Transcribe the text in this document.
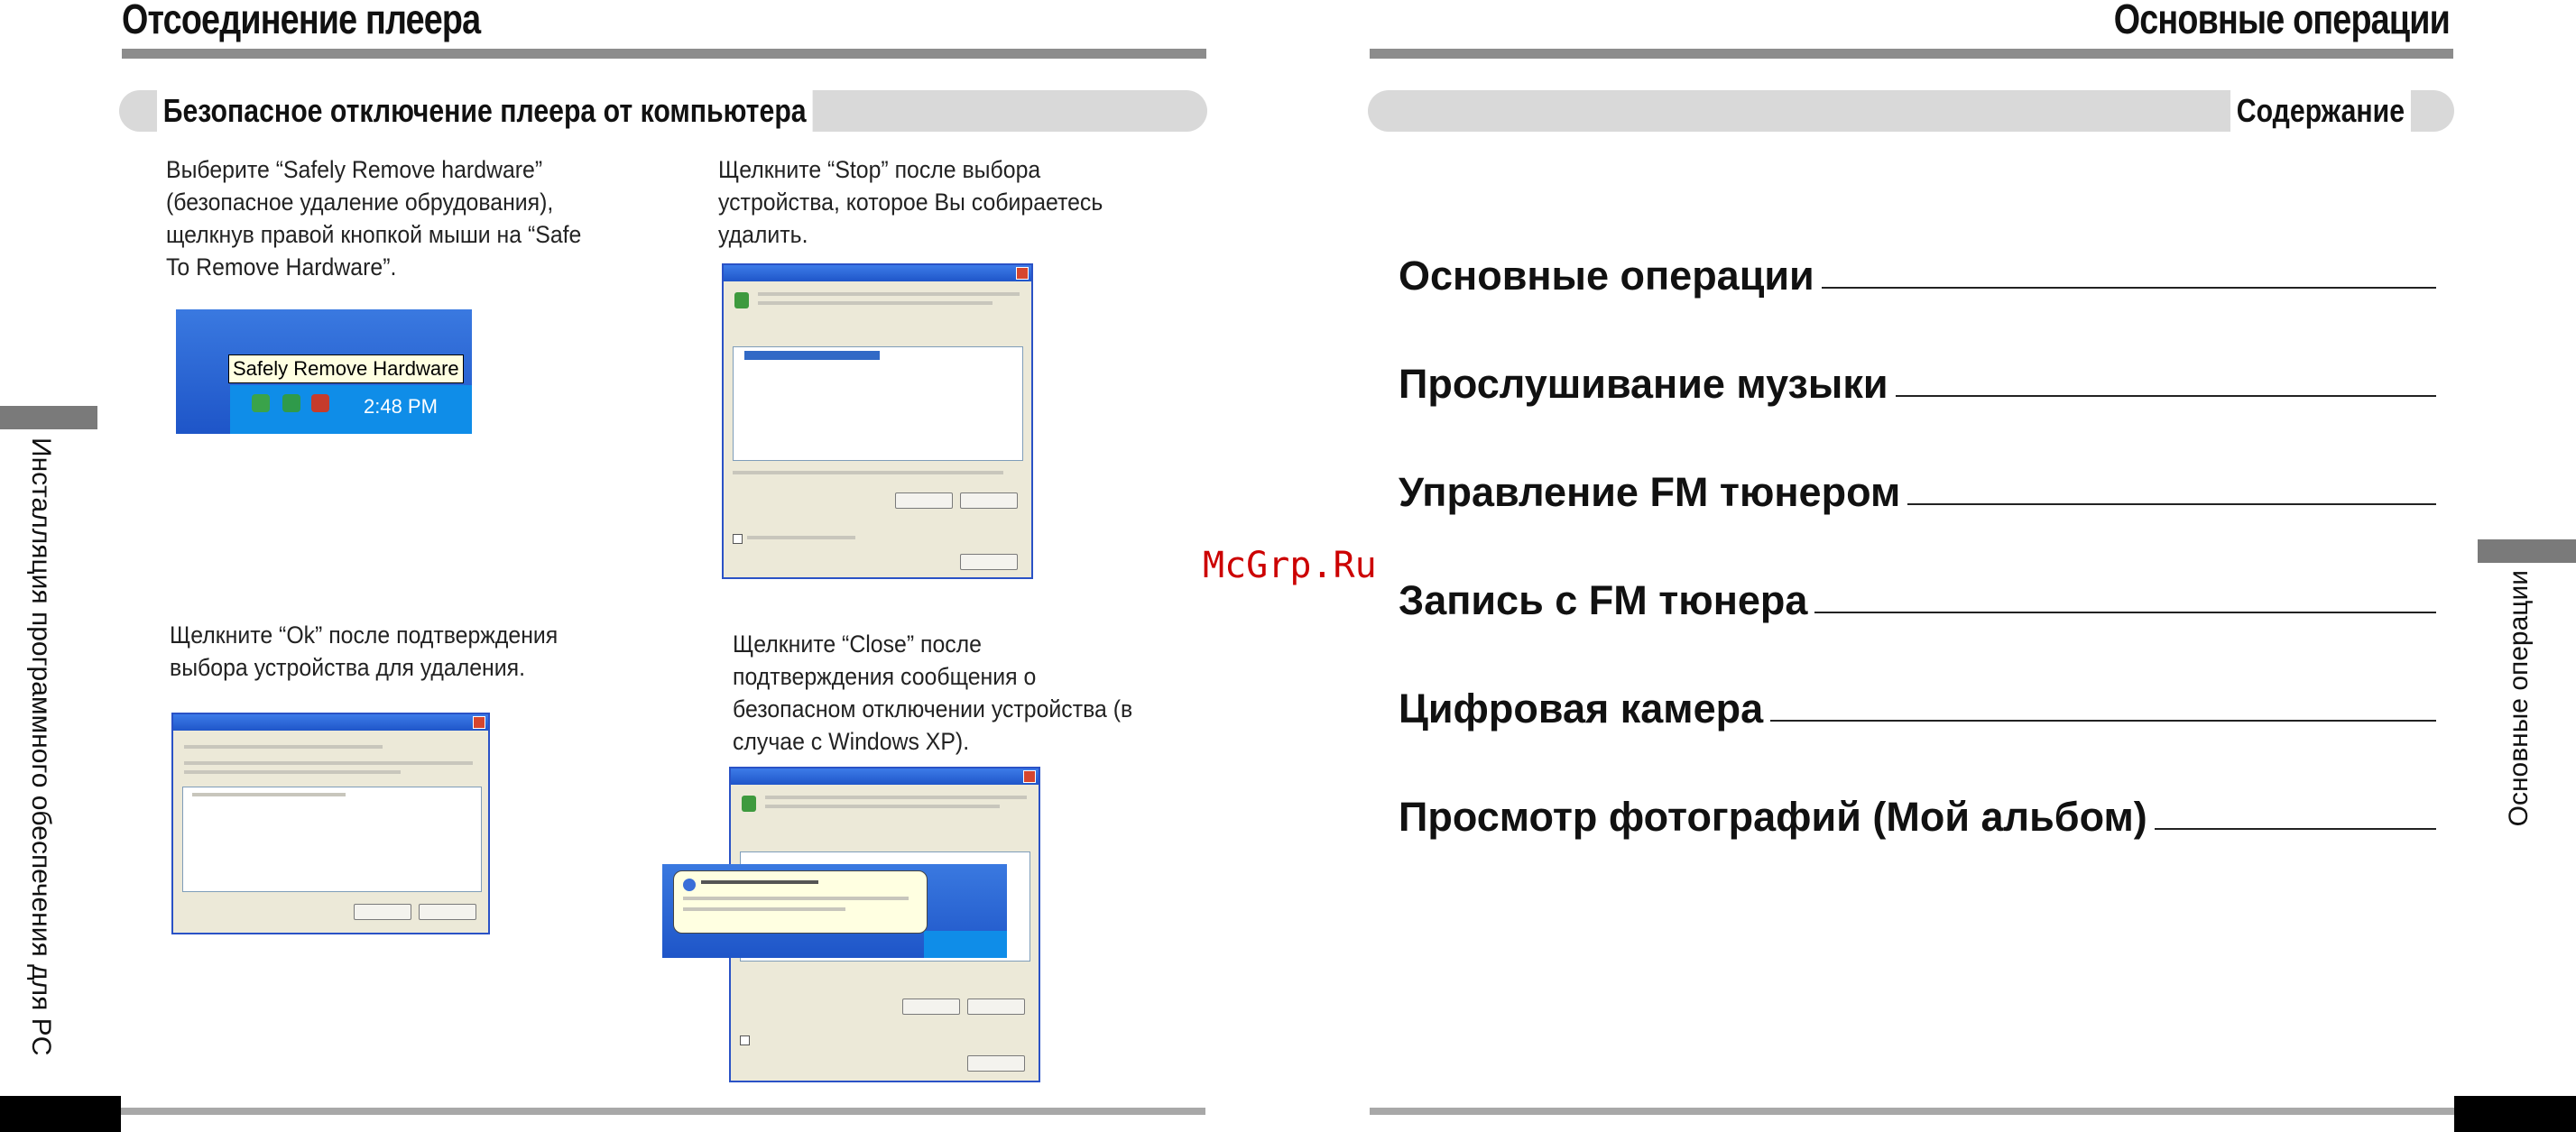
Отсоединение плеера
Безопасное отключение плеера от компьютера
Инсталляция программного обеспечения для PC
Выберите “Safely Remove hardware” (безопасное удаление обрудования), щелкнув правой кнопкой мыши на “Safe To Remove Hardware”.
Safely Remove Hardware
2:48 PM
Щелкните “Stop” после выбора устройства, которое Вы собираетесь удалить.
Щелкните “Ok” после подтверждения выбора устройства для удаления.
Щелкните “Close” после подтверждения сообщения о безопасном отключении устройства (в случае с Windows XP).
Основные операции
Содержание
Основные операции
Основные операции
Прослушивание музыки
Управление FM тюнером
Запись с FM тюнера
Цифровая камера
Просмотр фотографий (Мой альбом)
McGrp.Ru
